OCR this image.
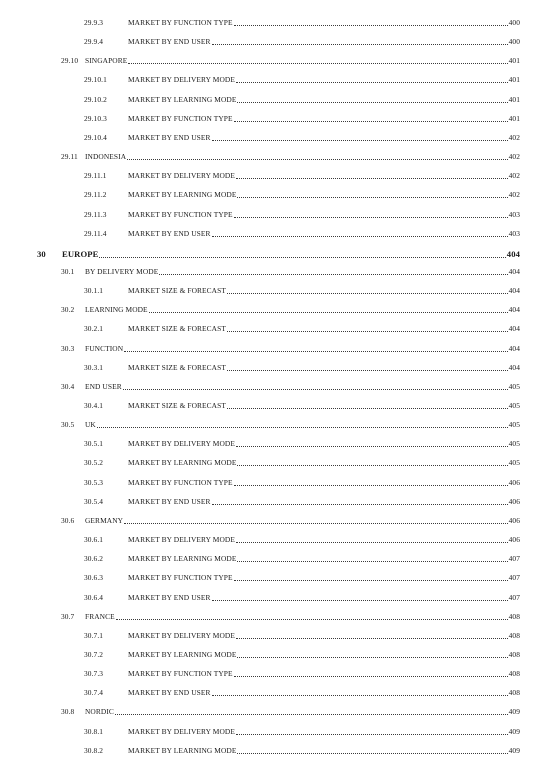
29.9.3	MARKET BY FUNCTION TYPE	400
29.9.4	MARKET BY END USER	400
29.10 SINGAPORE	401
29.10.1	MARKET BY DELIVERY MODE	401
29.10.2	MARKET BY LEARNING MODE	401
29.10.3	MARKET BY FUNCTION TYPE	401
29.10.4	MARKET BY END USER	402
29.11 INDONESIA	402
29.11.1	MARKET BY DELIVERY MODE	402
29.11.2	MARKET BY LEARNING MODE	402
29.11.3	MARKET BY FUNCTION TYPE	403
29.11.4	MARKET BY END USER	403
30 EUROPE	404
30.1 BY DELIVERY MODE	404
30.1.1	MARKET SIZE & FORECAST	404
30.2 LEARNING MODE	404
30.2.1	MARKET SIZE & FORECAST	404
30.3 FUNCTION	404
30.3.1	MARKET SIZE & FORECAST	404
30.4 END USER	405
30.4.1	MARKET SIZE & FORECAST	405
30.5 UK	405
30.5.1	MARKET BY DELIVERY MODE	405
30.5.2	MARKET BY LEARNING MODE	405
30.5.3	MARKET BY FUNCTION TYPE	406
30.5.4	MARKET BY END USER	406
30.6 GERMANY	406
30.6.1	MARKET BY DELIVERY MODE	406
30.6.2	MARKET BY LEARNING MODE	407
30.6.3	MARKET BY FUNCTION TYPE	407
30.6.4	MARKET BY END USER	407
30.7 FRANCE	408
30.7.1	MARKET BY DELIVERY MODE	408
30.7.2	MARKET BY LEARNING MODE	408
30.7.3	MARKET BY FUNCTION TYPE	408
30.7.4	MARKET BY END USER	408
30.8 NORDIC	409
30.8.1	MARKET BY DELIVERY MODE	409
30.8.2	MARKET BY LEARNING MODE	409
